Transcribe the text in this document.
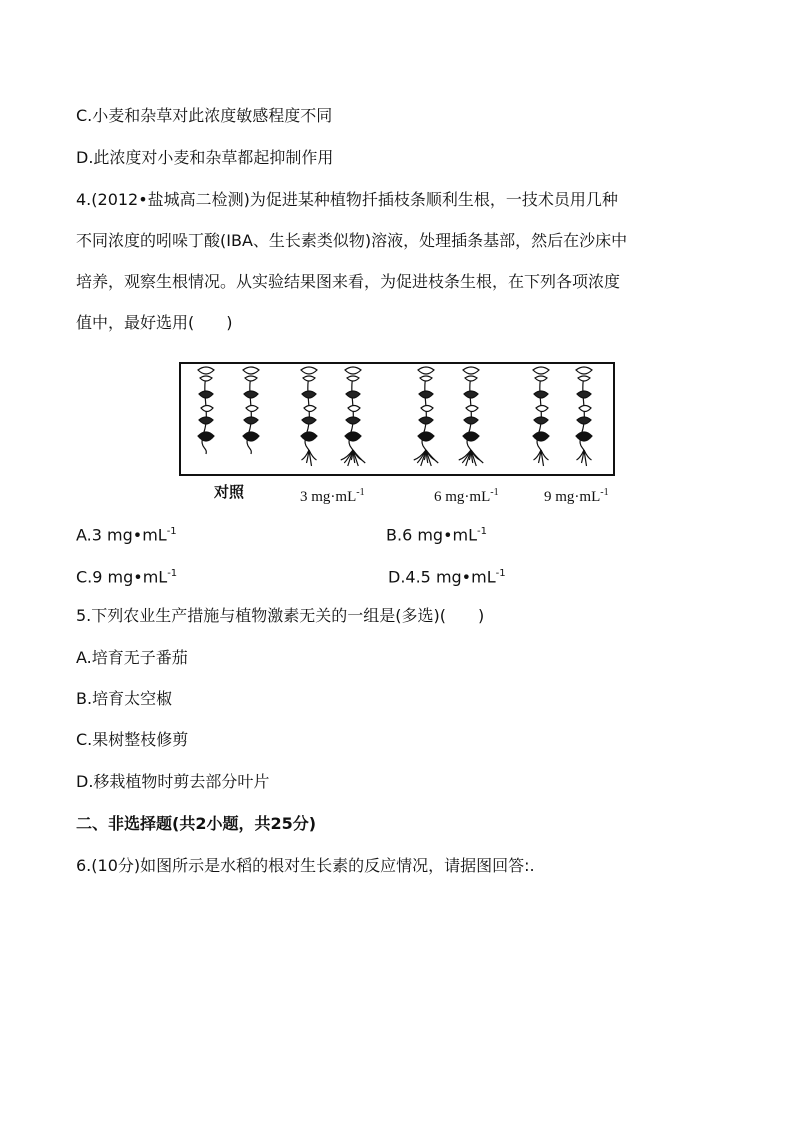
C.小麦和杂草对此浓度敏感程度不同
D.此浓度对小麦和杂草都起抑制作用
4.(2012•盐城高二检测)为促进某种植物扦插枝条顺利生根，一技术员用几种
不同浓度的吲哚丁酸(IBA、生长素类似物)溶液，处理插条基部，然后在沙床中
培养，观察生根情况。从实验结果图来看，为促进枝条生根，在下列各项浓度
值中，最好选用(　　)
对照	3 $mg\cdot mL^{-1}$	6 $mg\cdot mL^{-1}$	9 $mg\cdot mL^{-1}$
A.3 $mg•mL^{-1}$	B.6 $mg•mL^{-1}$
C.9 $mg•mL^{-1}$	D.4.5 $mg•mL^{-1}$
5.下列农业生产措施与植物激素无关的一组是(多选)(　　)
A.培育无子番茄
B.培育太空椒
C.果树整枝修剪
D.移栽植物时剪去部分叶片
二、非选择题(共2小题，共25分)
6.(10分)如图所示是水稻的根对生长素的反应情况，请据图回答:.
